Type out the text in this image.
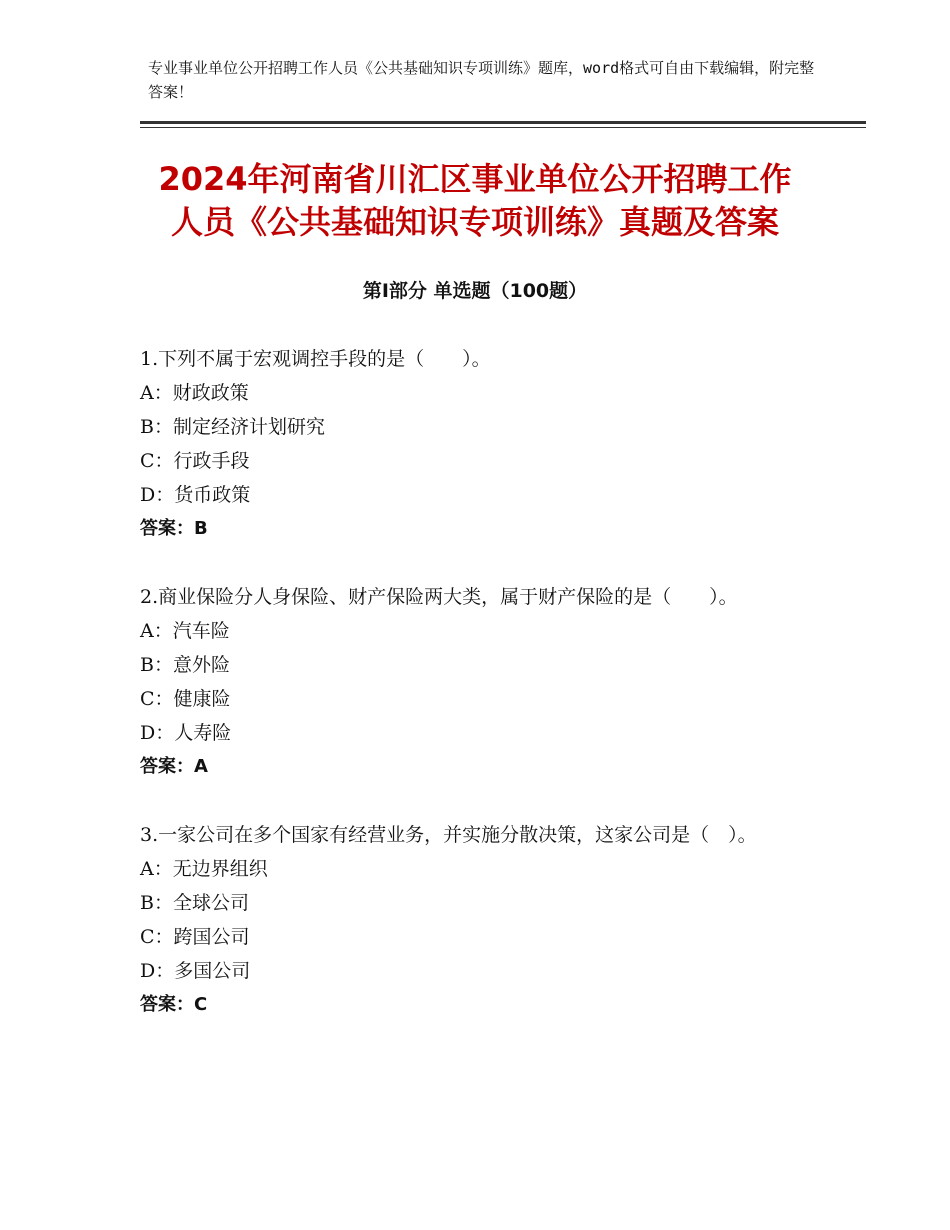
专业事业单位公开招聘工作人员《公共基础知识专项训练》题库，word格式可自由下载编辑，附完整答案！
2024年河南省川汇区事业单位公开招聘工作
人员《公共基础知识专项训练》真题及答案
第Ⅰ部分 单选题（100题）
1.下列不属于宏观调控手段的是（　　）。
A：财政政策
B：制定经济计划研究
C：行政手段
D：货币政策
答案：B
2.商业保险分人身保险、财产保险两大类，属于财产保险的是（　　）。
A：汽车险
B：意外险
C：健康险
D：人寿险
答案：A
3.一家公司在多个国家有经营业务，并实施分散决策，这家公司是（　）。
A：无边界组织
B：全球公司
C：跨国公司
D：多国公司
答案：C
